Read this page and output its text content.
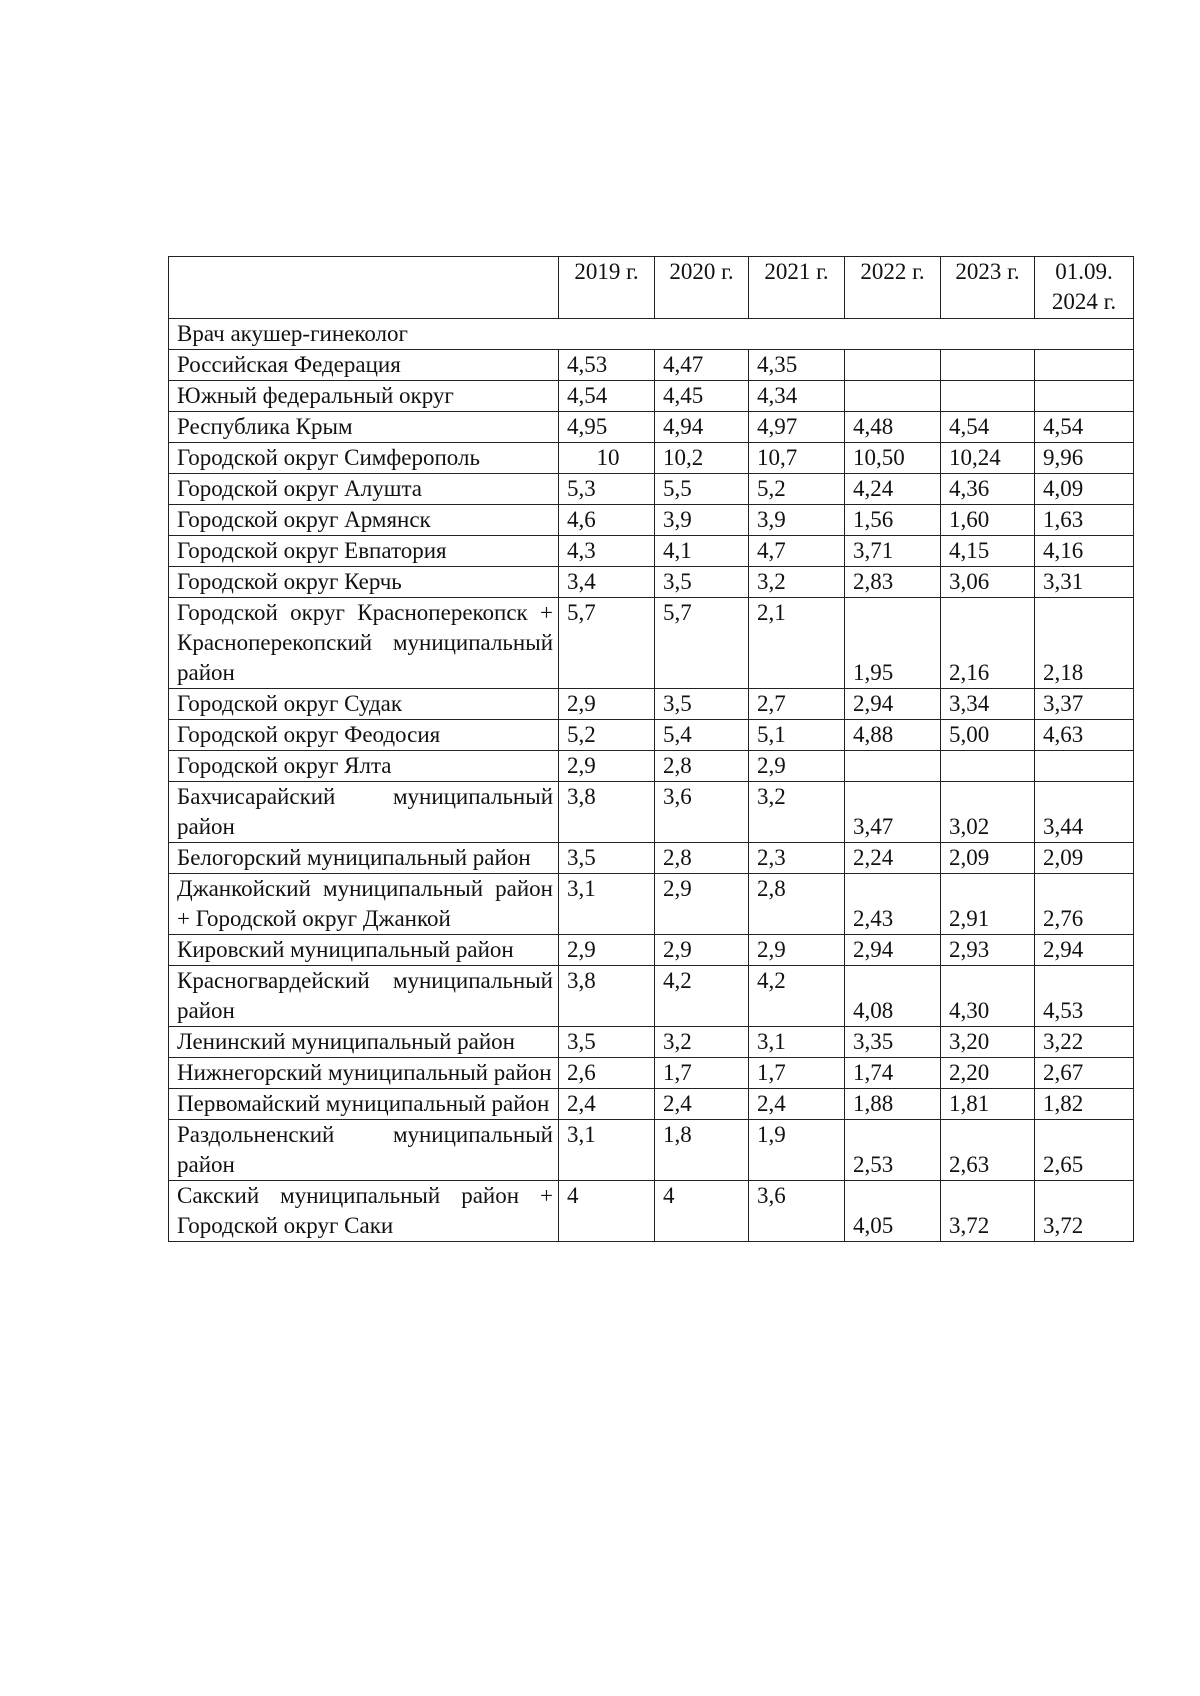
	2019 г.	2020 г.	2021 г.	2022 г.	2023 г.	01.09.
2024 г.
Врач акушер-гинеколог						
Российская Федерация	4,53	4,47	4,35			
Южный федеральный округ	4,54	4,45	4,34			
Республика Крым	4,95	4,94	4,97	4,48	4,54	4,54
Городской округ Симферополь	10	10,2	10,7	10,50	10,24	9,96
Городской округ Алушта	5,3	5,5	5,2	4,24	4,36	4,09
Городской округ Армянск	4,6	3,9	3,9	1,56	1,60	1,63
Городской округ Евпатория	4,3	4,1	4,7	3,71	4,15	4,16
Городской округ Керчь	3,4	3,5	3,2	2,83	3,06	3,31
Городской округ Красноперекопск + Красноперекопский муниципальный район	5,7	5,7	2,1	1,95	2,16	2,18
Городской округ Судак	2,9	3,5	2,7	2,94	3,34	3,37
Городской округ Феодосия	5,2	5,4	5,1	4,88	5,00	4,63
Городской округ Ялта	2,9	2,8	2,9			
Бахчисарайский муниципальный район	3,8	3,6	3,2	3,47	3,02	3,44
Белогорский муниципальный район	3,5	2,8	2,3	2,24	2,09	2,09
Джанкойский муниципальный район + Городской округ Джанкой	3,1	2,9	2,8	2,43	2,91	2,76
Кировский муниципальный район	2,9	2,9	2,9	2,94	2,93	2,94
Красногвардейский муниципальный район	3,8	4,2	4,2	4,08	4,30	4,53
Ленинский муниципальный район	3,5	3,2	3,1	3,35	3,20	3,22
Нижнегорский муниципальный район	2,6	1,7	1,7	1,74	2,20	2,67
Первомайский муниципальный район	2,4	2,4	2,4	1,88	1,81	1,82
Раздольненский муниципальный район	3,1	1,8	1,9	2,53	2,63	2,65
Сакский муниципальный район + Городской округ Саки	4	4	3,6	4,05	3,72	3,72
